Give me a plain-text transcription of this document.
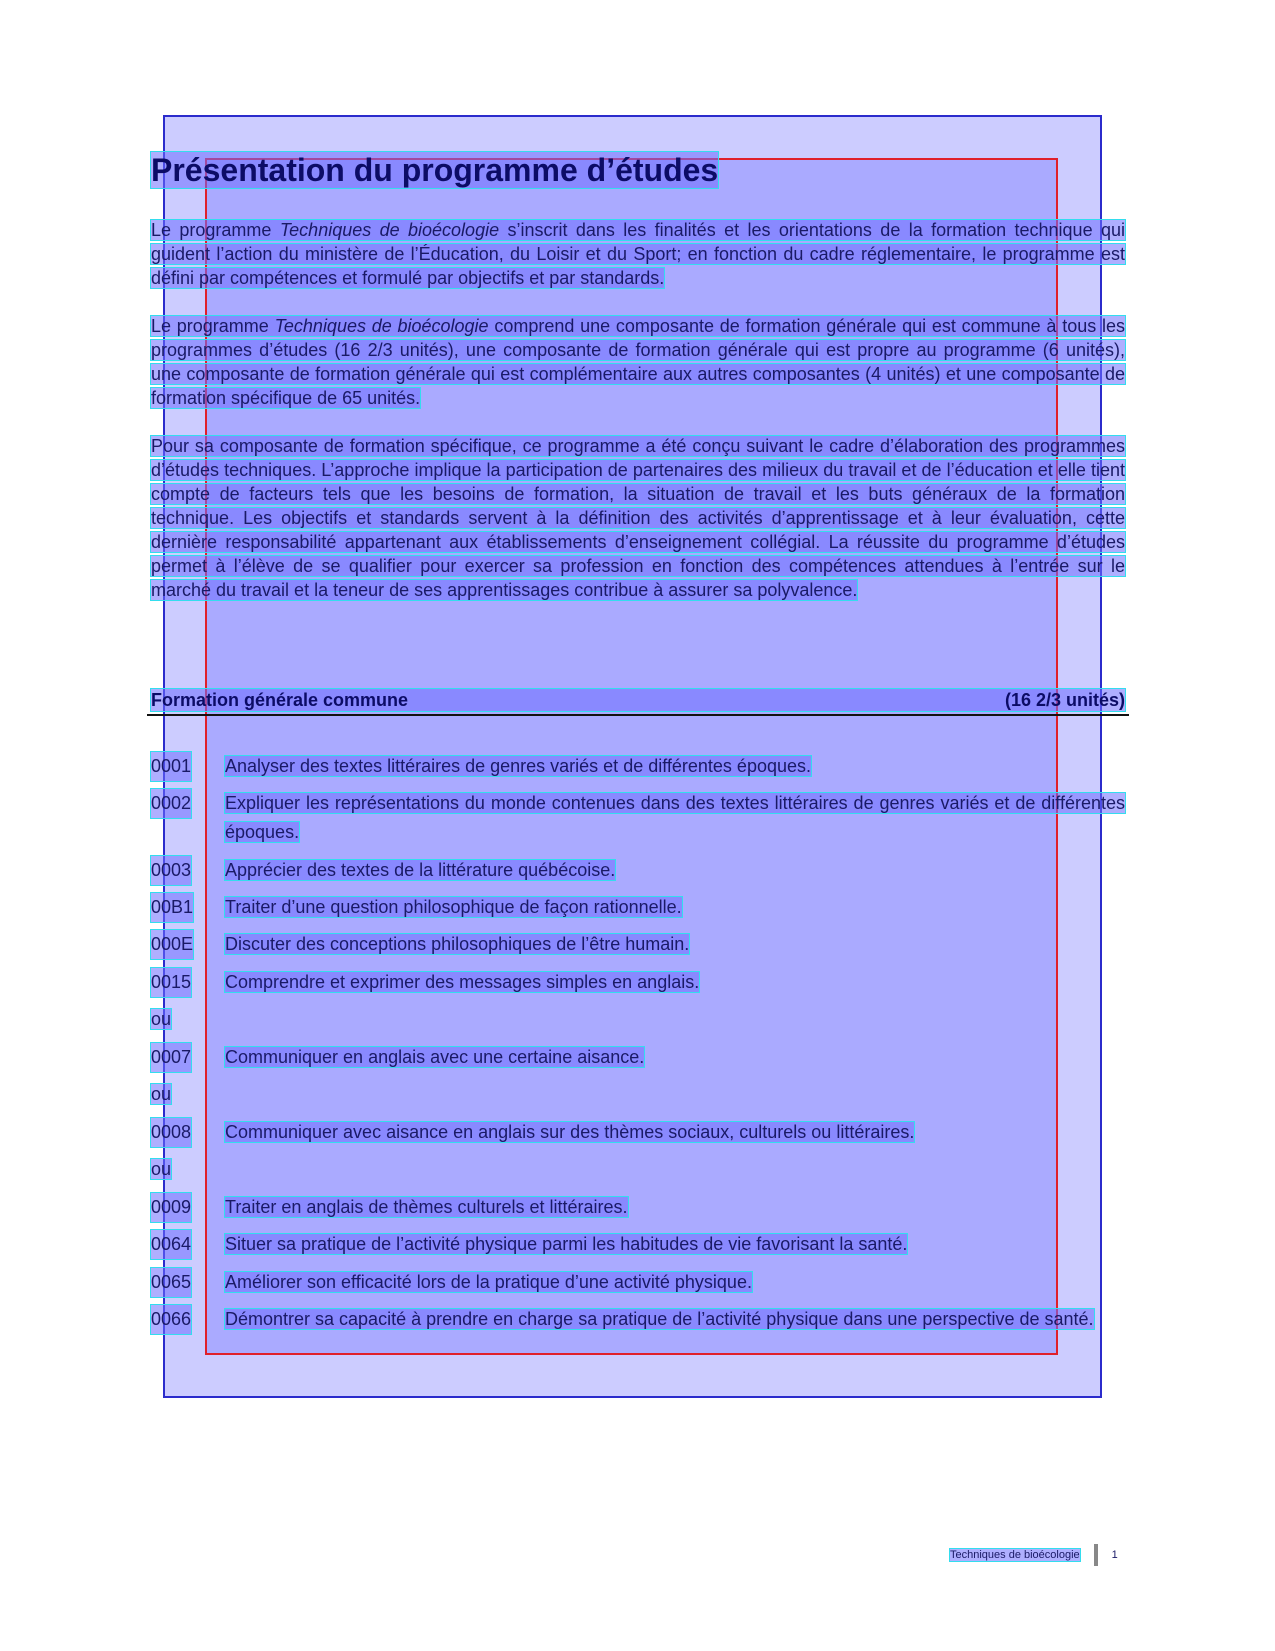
Présentation du programme d’études

Le programme Techniques de bioécologie s’inscrit dans les finalités et les orientations de la formation technique qui guident l’action du ministère de l’Éducation, du Loisir et du Sport; en fonction du cadre réglementaire, le programme est défini par compétences et formulé par objectifs et par standards.

Le programme Techniques de bioécologie comprend une composante de formation générale qui est commune à tous les programmes d’études (16 2/3 unités), une composante de formation générale qui est propre au programme (6 unités), une composante de formation générale qui est complémentaire aux autres composantes (4 unités) et une composante de formation spécifique de 65 unités.

Pour sa composante de formation spécifique, ce programme a été conçu suivant le cadre d’élaboration des programmes d’études techniques. L’approche implique la participation de partenaires des milieux du travail et de l’éducation et elle tient compte de facteurs tels que les besoins de formation, la situation de travail et les buts généraux de la formation technique. Les objectifs et standards servent à la définition des activités d’apprentissage et à leur évaluation, cette dernière responsabilité appartenant aux établissements d’enseignement collégial. La réussite du programme d’études permet à l’élève de se qualifier pour exercer sa profession en fonction des compétences attendues à l’entrée sur le marché du travail et la teneur de ses apprentissages contribue à assurer sa polyvalence.

Formation générale commune	(16 2/3 unités)
0001 Analyser des textes littéraires de genres variés et de différentes époques.
0002 Expliquer les représentations du monde contenues dans des textes littéraires de genres variés et de différentes époques.
0003 Apprécier des textes de la littérature québécoise.
00B1 Traiter d’une question philosophique de façon rationnelle.
000E Discuter des conceptions philosophiques de l’être humain.
0015 Comprendre et exprimer des messages simples en anglais.
ou
0007 Communiquer en anglais avec une certaine aisance.
ou
0008 Communiquer avec aisance en anglais sur des thèmes sociaux, culturels ou littéraires.
ou
0009 Traiter en anglais de thèmes culturels et littéraires.
0064 Situer sa pratique de l’activité physique parmi les habitudes de vie favorisant la santé.
0065 Améliorer son efficacité lors de la pratique d’une activité physique.
0066 Démontrer sa capacité à prendre en charge sa pratique de l’activité physique dans une perspective de santé.
Techniques de bioécologie	1
